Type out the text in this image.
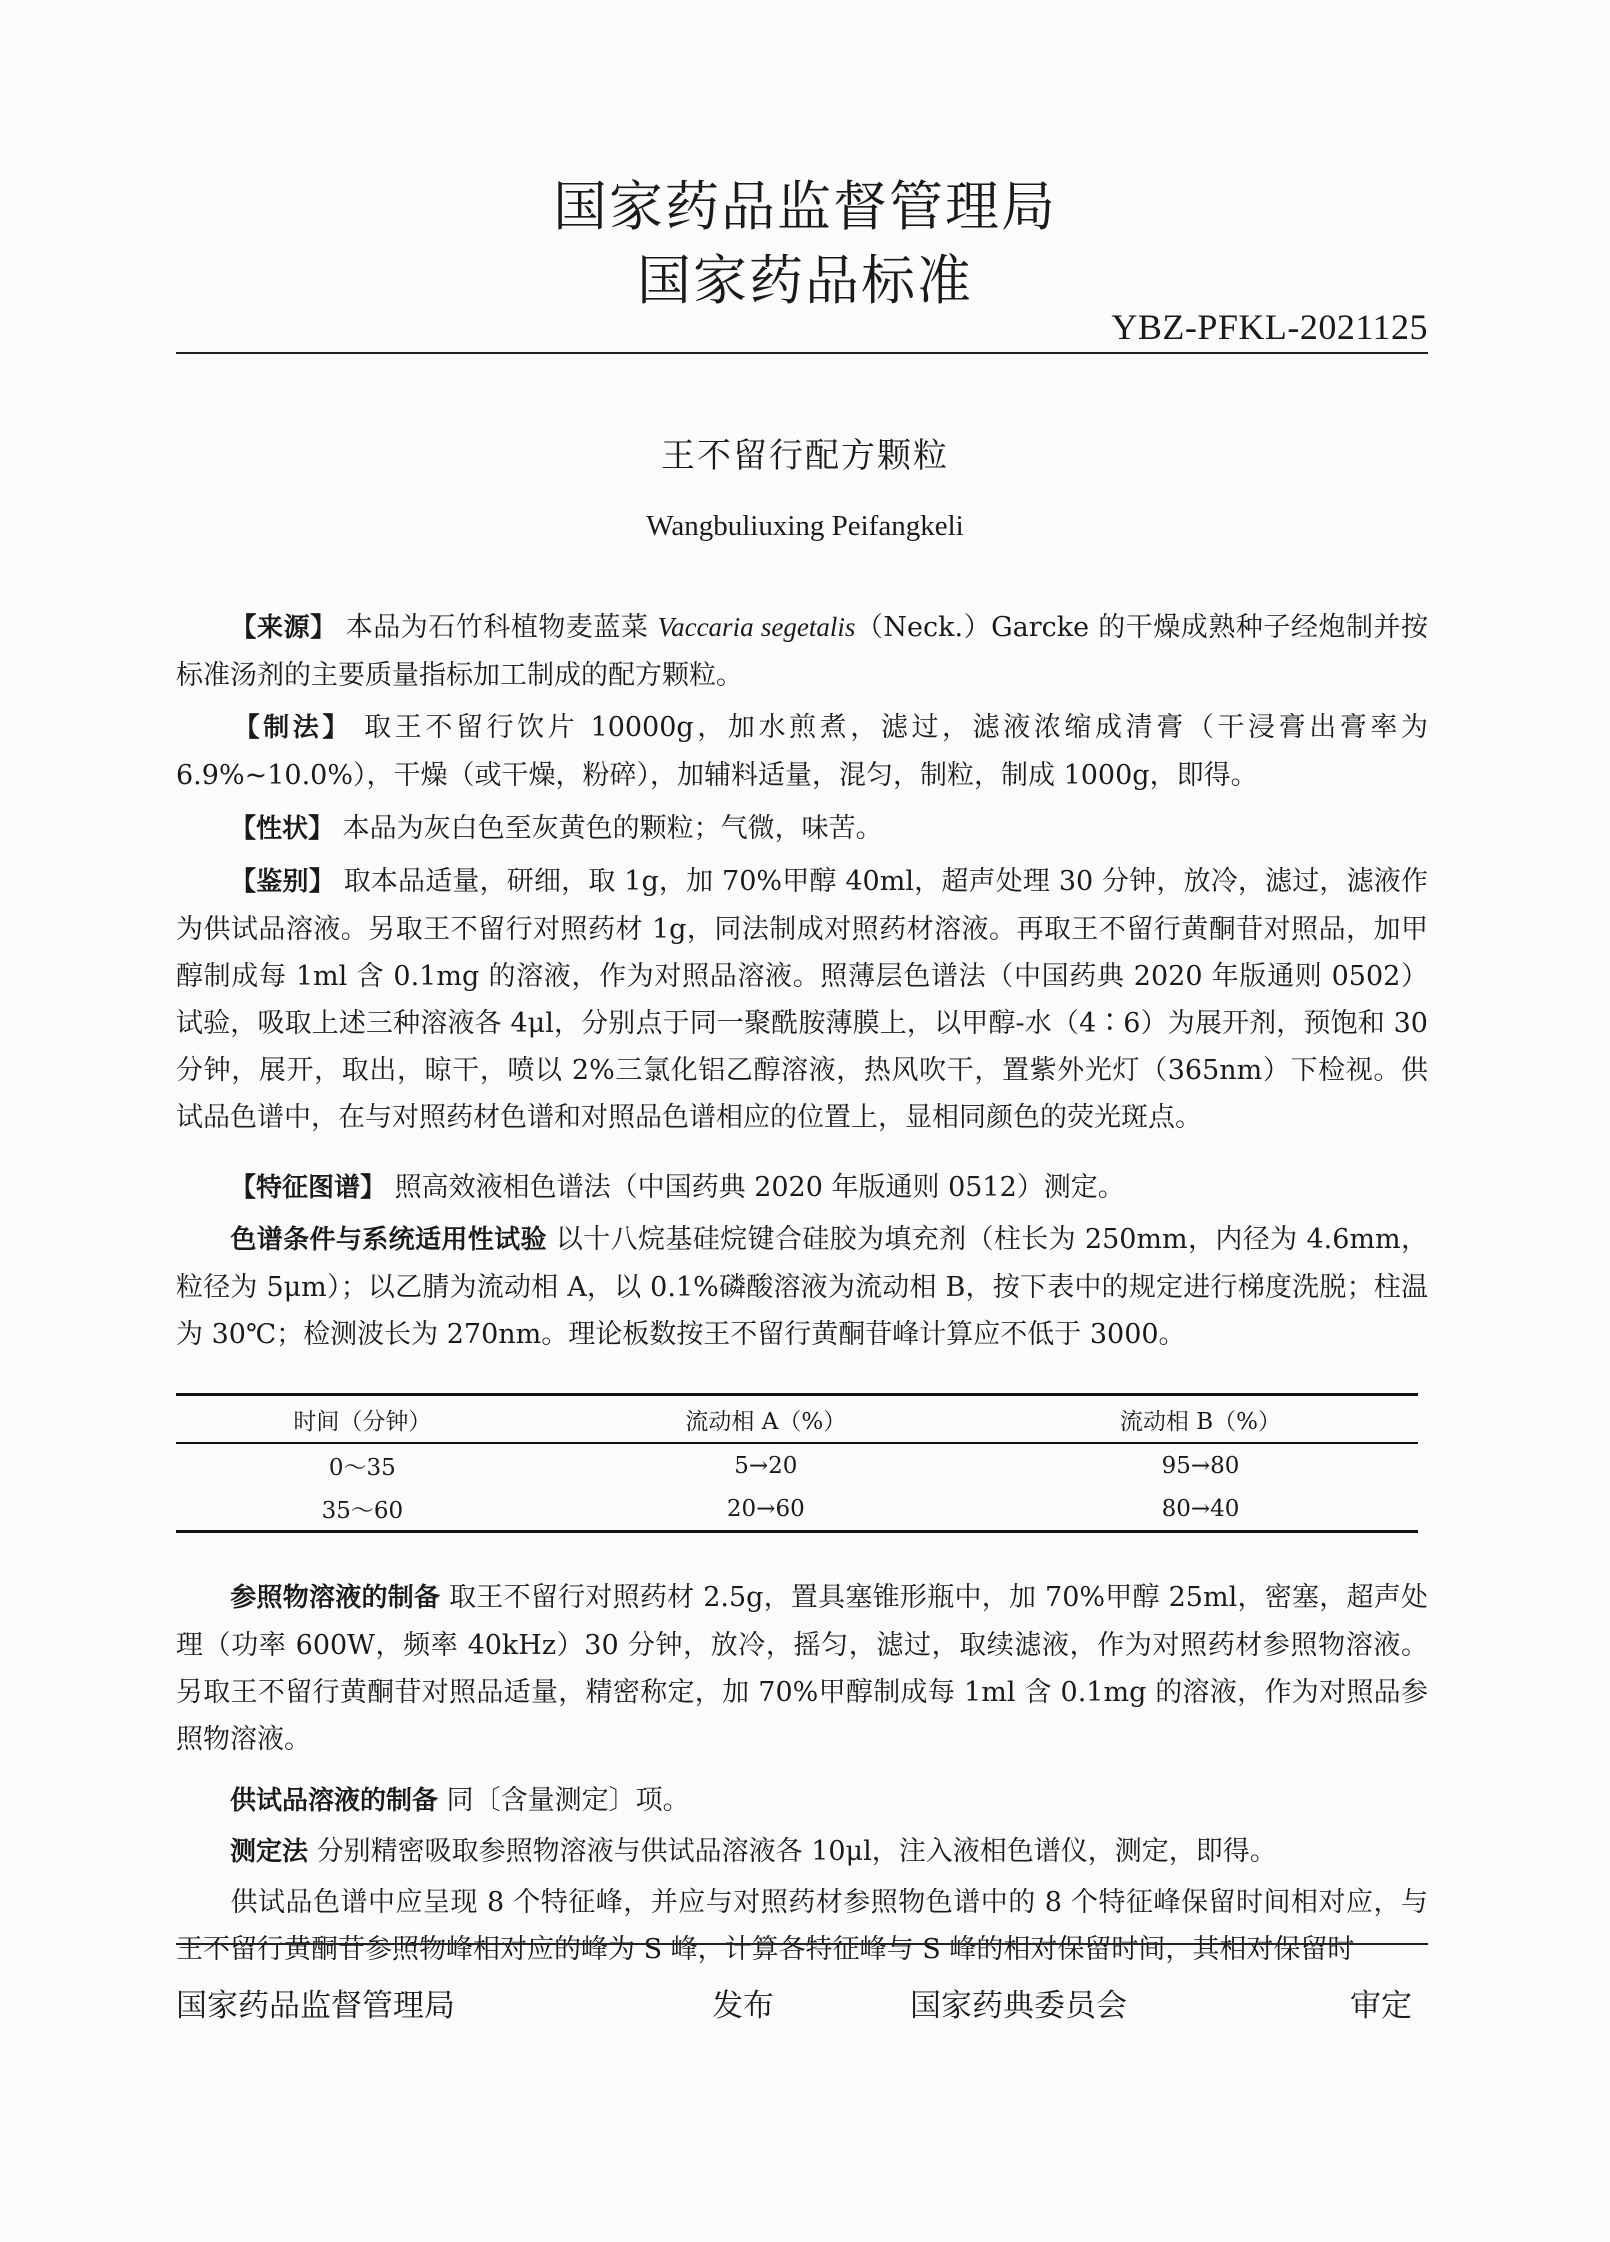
国家药品监督管理局
国家药品标准
YBZ-PFKL-2021125
王不留行配方颗粒
Wangbuliuxing Peifangkeli
【来源】 本品为石竹科植物麦蓝菜 Vaccaria segetalis（Neck.）Garcke 的干燥成熟种子经炮制并按标准汤剂的主要质量指标加工制成的配方颗粒。
【制法】 取王不留行饮片 10000g，加水煎煮，滤过，滤液浓缩成清膏（干浸膏出膏率为 6.9%~10.0%），干燥（或干燥，粉碎），加辅料适量，混匀，制粒，制成 1000g，即得。
【性状】 本品为灰白色至灰黄色的颗粒；气微，味苦。
【鉴别】 取本品适量，研细，取 1g，加 70%甲醇 40ml，超声处理 30 分钟，放冷，滤过，滤液作为供试品溶液。另取王不留行对照药材 1g，同法制成对照药材溶液。再取王不留行黄酮苷对照品，加甲醇制成每 1ml 含 0.1mg 的溶液，作为对照品溶液。照薄层色谱法（中国药典 2020 年版通则 0502）试验，吸取上述三种溶液各 4μl，分别点于同一聚酰胺薄膜上，以甲醇-水（4∶6）为展开剂，预饱和 30 分钟，展开，取出，晾干，喷以 2%三氯化铝乙醇溶液，热风吹干，置紫外光灯（365nm）下检视。供试品色谱中，在与对照药材色谱和对照品色谱相应的位置上，显相同颜色的荧光斑点。
【特征图谱】 照高效液相色谱法（中国药典 2020 年版通则 0512）测定。
色谱条件与系统适用性试验 以十八烷基硅烷键合硅胶为填充剂（柱长为 250mm，内径为 4.6mm，粒径为 5μm）；以乙腈为流动相 A，以 0.1%磷酸溶液为流动相 B，按下表中的规定进行梯度洗脱；柱温为 30℃；检测波长为 270nm。理论板数按王不留行黄酮苷峰计算应不低于 3000。
时间（分钟）	流动相 A（%）	流动相 B（%）
0～35	5→20	95→80
35～60	20→60	80→40
参照物溶液的制备 取王不留行对照药材 2.5g，置具塞锥形瓶中，加 70%甲醇 25ml，密塞，超声处理（功率 600W，频率 40kHz）30 分钟，放冷，摇匀，滤过，取续滤液，作为对照药材参照物溶液。另取王不留行黄酮苷对照品适量，精密称定，加 70%甲醇制成每 1ml 含 0.1mg 的溶液，作为对照品参照物溶液。
供试品溶液的制备 同〔含量测定〕项。
测定法 分别精密吸取参照物溶液与供试品溶液各 10μl，注入液相色谱仪，测定，即得。
供试品色谱中应呈现 8 个特征峰，并应与对照药材参照物色谱中的 8 个特征峰保留时间相对应，与王不留行黄酮苷参照物峰相对应的峰为 S 峰，计算各特征峰与 S 峰的相对保留时间，其相对保留时
国家药品监督管理局	发布	国家药典委员会	审定
